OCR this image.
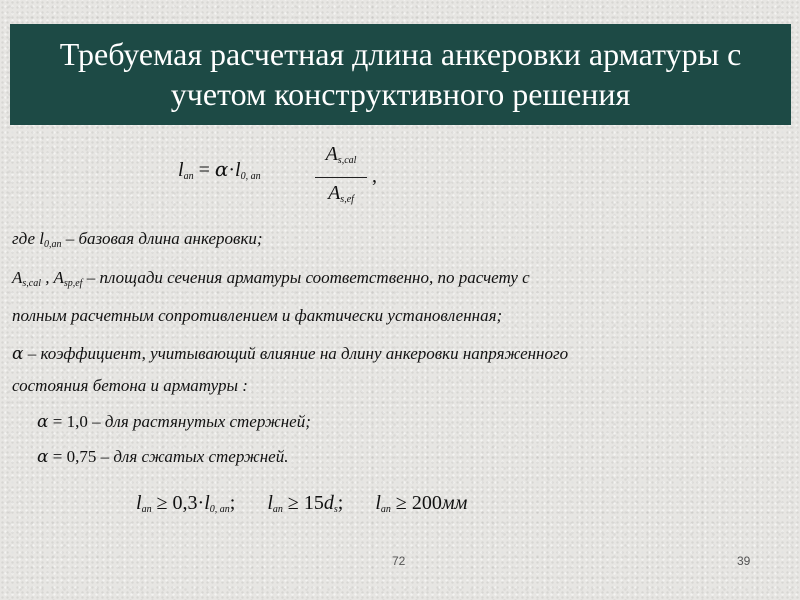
Требуемая расчетная длина анкеровки арматуры с
учетом конструктивного решения
$l_{an} = \alpha\cdot l_{0, an}$
$A_{s,cal}$
$A_{s,ef}$
,
где $l_{0,an}$ – базовая длина анкеровки;
$A_{s,cal}$ , $A_{sp,ef}$ – площади сечения арматуры соответственно, по расчету с
полным расчетным сопротивлением и фактически установленная;
α – коэффициент, учитывающий влияние на длину анкеровки напряженного
состояния бетона и арматуры :
α = 1,0 – для растянутых стержней;
α = 0,75 – для сжатых стержней.
$l_{an} \ge 0,3\cdot l_{0, an}$; $l_{an} \ge 15d_s$; $l_{an} \ge 200мм$
72	39
